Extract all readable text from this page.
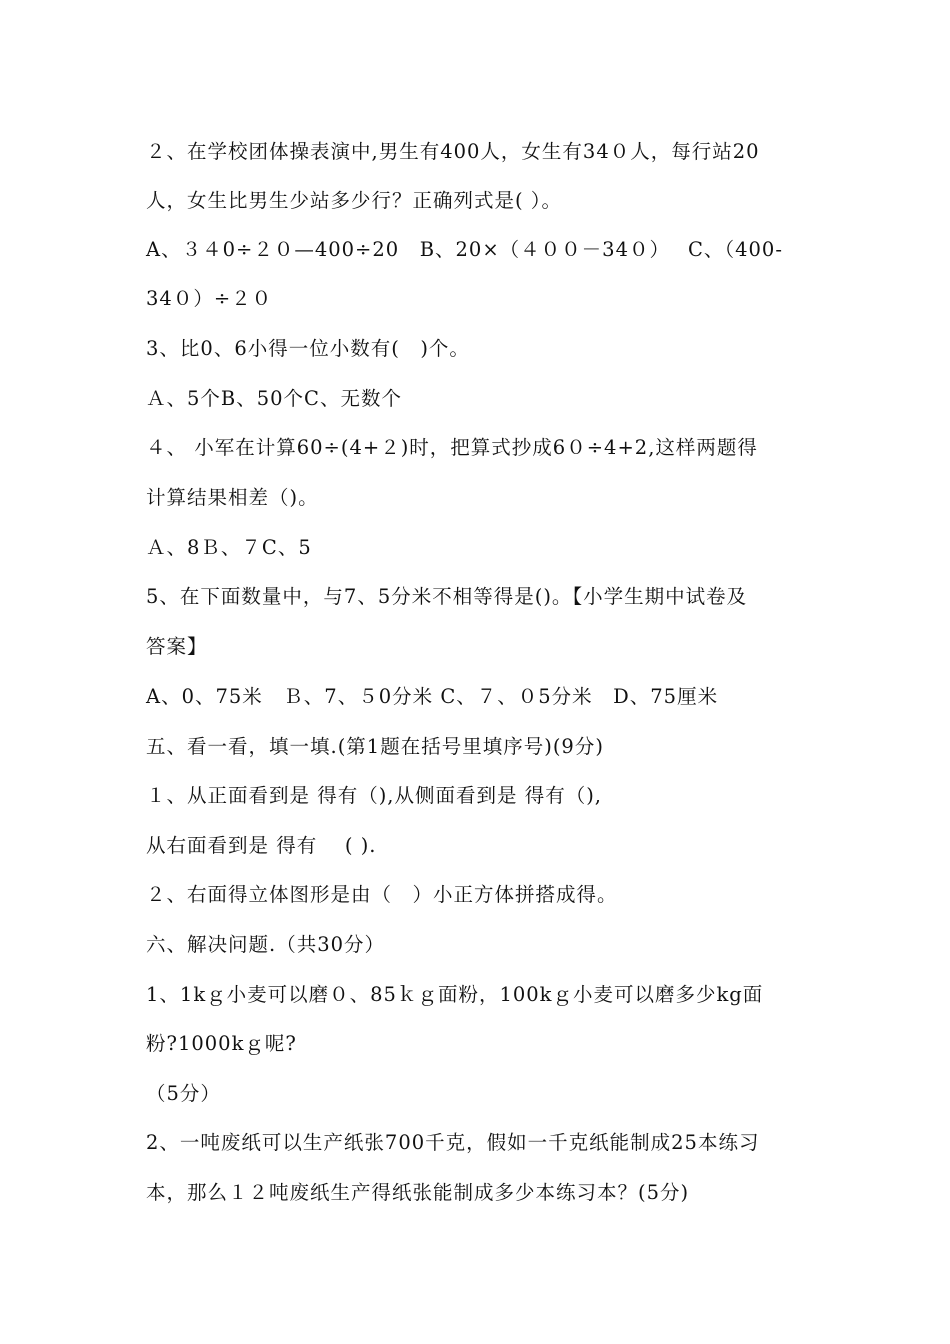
２、在学校团体操表演中,男生有400人，女生有34０人，每行站20
人，女生比男生少站多少行？正确列式是( ）。
A、３４0÷２０—400÷20　B、20×（４００－34０）　 C、（400-
34０）÷２０
3、比0、6小得一位小数有(　)个。
Ａ、5个B、50个C、无数个
４、 小军在计算60÷(4+２)时，把算式抄成6０÷4+2,这样两题得
计算结果相差（)。
Ａ、8Ｂ、７C、5
5、在下面数量中，与7、5分米不相等得是()。【小学生期中试卷及
答案】
A、0、75米　Ｂ、7、５0分米 C、７、０5分米　D、75厘米
五、看一看，填一填.(第1题在括号里填序号)(9分)
１、从正面看到是 得有（),从侧面看到是 得有（),
从右面看到是 得有　 ( ).
２、右面得立体图形是由（　）小正方体拼搭成得。
六、解决问题.（共30分）
1、1kｇ小麦可以磨０、85ｋｇ面粉，100kｇ小麦可以磨多少kg面
粉?1000kｇ呢?
（5分）
2、一吨废纸可以生产纸张700千克，假如一千克纸能制成25本练习
本，那么１２吨废纸生产得纸张能制成多少本练习本？(5分)
